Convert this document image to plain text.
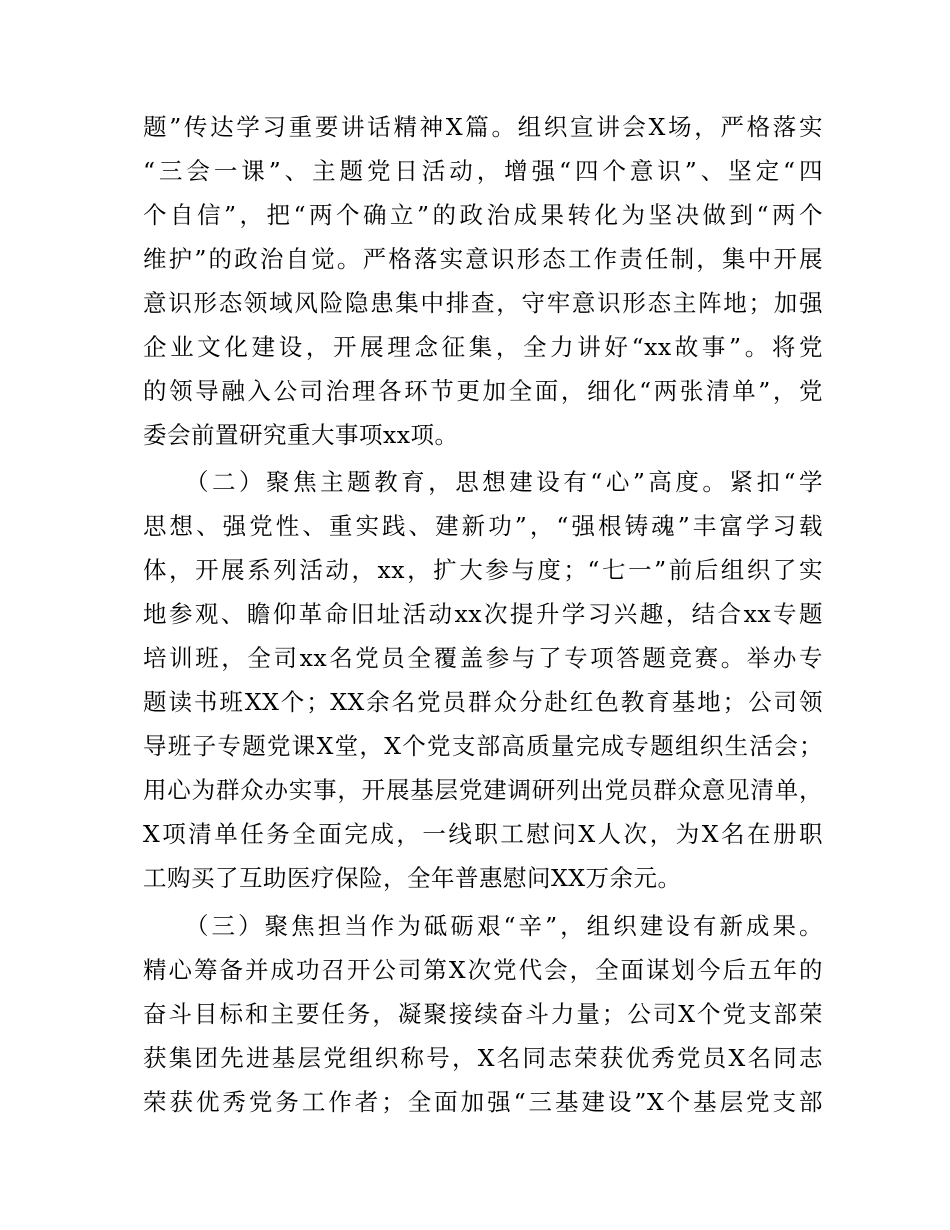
题”传达学习重要讲话精神X篇。组织宣讲会X场，严格落实
“三会一课”、主题党日活动，增强“四个意识”、坚定“四
个自信”，把“两个确立”的政治成果转化为坚决做到“两个
维护”的政治自觉。严格落实意识形态工作责任制，集中开展
意识形态领域风险隐患集中排查，守牢意识形态主阵地；加强
企业文化建设，开展理念征集，全力讲好“xx故事”。将党
的领导融入公司治理各环节更加全面，细化“两张清单”，党
委会前置研究重大事项xx项。
（二）聚焦主题教育，思想建设有“心”高度。紧扣“学
思想、强党性、重实践、建新功”，“强根铸魂”丰富学习载
体，开展系列活动，xx，扩大参与度；“七一”前后组织了实
地参观、瞻仰革命旧址活动xx次提升学习兴趣，结合xx专题
培训班，全司xx名党员全覆盖参与了专项答题竞赛。举办专
题读书班XX个；XX余名党员群众分赴红色教育基地；公司领
导班子专题党课X堂，X个党支部高质量完成专题组织生活会；
用心为群众办实事，开展基层党建调研列出党员群众意见清单，
X项清单任务全面完成，一线职工慰问X人次，为X名在册职
工购买了互助医疗保险，全年普惠慰问XX万余元。
（三）聚焦担当作为砥砺艰“辛”，组织建设有新成果。
精心筹备并成功召开公司第X次党代会，全面谋划今后五年的
奋斗目标和主要任务，凝聚接续奋斗力量；公司X个党支部荣
获集团先进基层党组织称号，X名同志荣获优秀党员X名同志
荣获优秀党务工作者；全面加强“三基建设”X个基层党支部
